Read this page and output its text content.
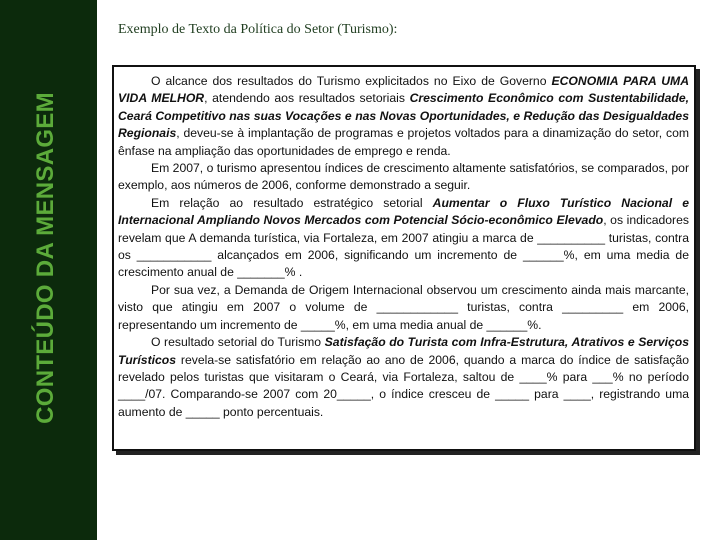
CONTEÚDO DA MENSAGEM
Exemplo de Texto da Política do Setor (Turismo):

O alcance dos resultados do Turismo explicitados no Eixo de Governo ECONOMIA PARA UMA VIDA MELHOR, atendendo aos resultados setoriais Crescimento Econômico com Sustentabilidade, Ceará Competitivo nas suas Vocações e nas Novas Oportunidades, e Redução das Desigualdades Regionais, deveu-se à implantação de programas e projetos voltados para a dinamização do setor, com ênfase na ampliação das oportunidades de emprego e renda.

Em 2007, o turismo apresentou índices de crescimento altamente satisfatórios, se comparados, por exemplo, aos números de 2006, conforme demonstrado a seguir.

Em relação ao resultado estratégico setorial Aumentar o Fluxo Turístico Nacional e Internacional Ampliando Novos Mercados com Potencial Sócio-econômico Elevado, os indicadores revelam que A demanda turística, via Fortaleza, em 2007 atingiu a marca de __________ turistas, contra os ___________ alcançados em 2006, significando um incremento de ______%, em uma media de crescimento anual de _______% .

Por sua vez, a Demanda de Origem Internacional observou um crescimento ainda mais marcante, visto que atingiu em 2007 o volume de ____________ turistas, contra _________ em 2006, representando um incremento de _____%, em uma media anual de ______%.

O resultado setorial do Turismo Satisfação do Turista com Infra-Estrutura, Atrativos e Serviços Turísticos revela-se satisfatório em relação ao ano de 2006, quando a marca do índice de satisfação revelado pelos turistas que visitaram o Ceará, via Fortaleza, saltou de ____% para ___% no período ____/07. Comparando-se 2007 com 20_____, o índice cresceu de _____ para ____, registrando uma aumento de _____ ponto percentuais.
